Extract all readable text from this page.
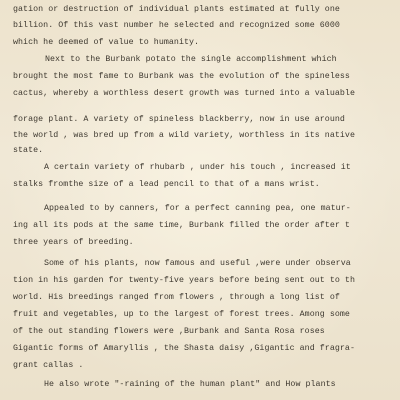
gation or destruction of individual plants estimated at fully one

billion. Of this vast number he selected and recognized some 6000

which he deemed of value to humanity.

Next to the Burbank potato the single accomplishment which

brought the most fame to Burbank was the evolution of the spineless

cactus, whereby a worthless desert growth was turned into a valuable

forage plant. A variety of spineless blackberry, now in use around

the world , was bred up from a wild variety, worthless in its native

state.

A certain variety of rhubarb , under his touch , increased it

stalks fromthe size of a lead pencil to that of a mans wrist.

Appealed to by canners, for a perfect canning pea, one matur-

ing all its pods at the same time, Burbank filled the order after t

three years of breeding.

Some of his plants, now famous and useful ,were under observa

tion in his garden for twenty-five years before being sent out to th

world. His breedings ranged from flowers , through a long list of

fruit and vegetables, up to the largest of forest trees. Among some

of the out standing flowers were ,Burbank and Santa Rosa roses

Gigantic forms of Amaryllis , the Shasta daisy ,Gigantic and fragra-

grant callas .

He also wrote "-raining of the human plant" and How plants
